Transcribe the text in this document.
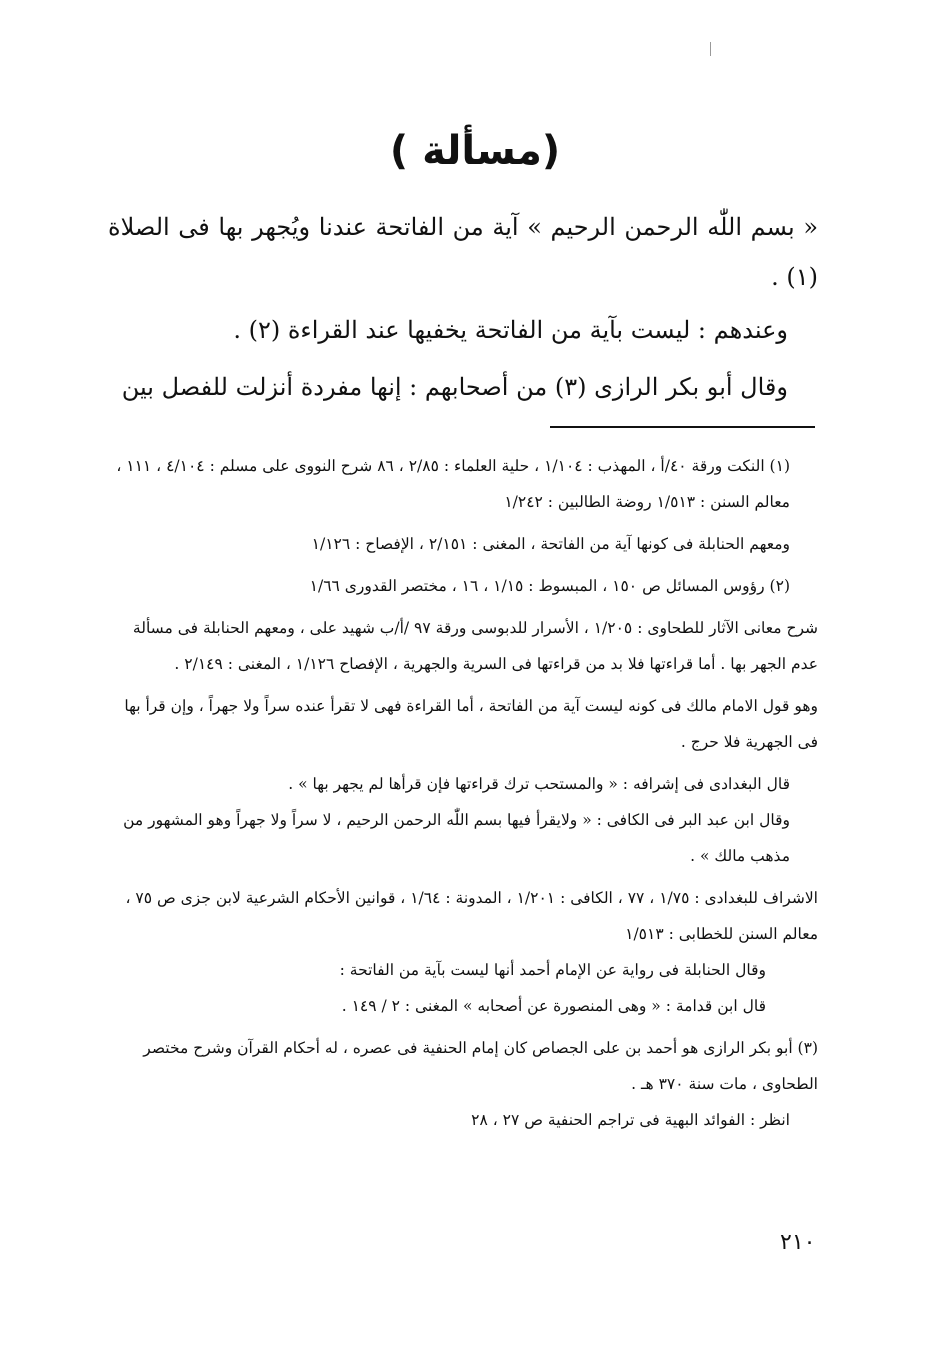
(مسألة )
« بسم اللّٰه الرحمن الرحيم » آية من الفاتحة عندنا ويُجهر بها فى الصلاة (١) .
وعندهم : ليست بآية من الفاتحة يخفيها عند القراءة (٢) .
وقال أبو بكر الرازى (٣) من أصحابهم : إنها مفردة أنزلت للفصل بين

(١) النكت ورقة ٤٠/أ ، المهذب : ١/١٠٤ ، حلية العلماء : ٢/٨٥ ، ٨٦ شرح النووى على مسلم : ٤/١٠٤ ، ١١١ ، معالم السنن : ١/٥١٣ روضة الطالبين : ١/٢٤٢

ومعهم الحنابلة فى كونها آية من الفاتحة ، المغنى : ٢/١٥١ ، الإفصاح : ١/١٢٦

(٢) رؤوس المسائل ص ١٥٠ ، المبسوط : ١/١٥ ، ١٦ ، مختصر القدورى ١/٦٦

شرح معانى الآثار للطحاوى : ١/٢٠٥ ، الأسرار للدبوسى ورقة ٩٧ /أ/ب شهيد على ، ومعهم الحنابلة فى مسألة عدم الجهر بها . أما قراءتها فلا بد من قراءتها فى السرية والجهرية ، الإفصاح ١/١٢٦ ، المغنى : ٢/١٤٩ .

وهو قول الامام مالك فى كونه ليست آية من الفاتحة ، أما القراءة فهى لا تقرأ عنده سراً ولا جهراً ، وإن قرأ بها فى الجهرية فلا حرج .

قال البغدادى فى إشرافه : « والمستحب ترك قراءتها فإن قرأها لم يجهر بها » .

وقال ابن عبد البر فى الكافى : « ولايقرأ فيها بسم اللّٰه الرحمن الرحيم ، لا سراً ولا جهراً وهو المشهور من مذهب مالك » .

الاشراف للبغدادى : ١/٧٥ ، ٧٧ ، الكافى : ١/٢٠١ ، المدونة : ١/٦٤ ، قوانين الأحكام الشرعية لابن جزى ص ٧٥ ، معالم السنن للخطابى : ١/٥١٣

وقال الحنابلة فى رواية عن الإمام أحمد أنها ليست بآية من الفاتحة :

قال ابن قدامة : « وهى المنصورة عن أصحابه » المغنى : ٢ / ١٤٩ .

(٣) أبو بكر الرازى هو أحمد بن على الجصاص كان إمام الحنفية فى عصره ، له أحكام القرآن وشرح مختصر الطحاوى ، مات سنة ٣٧٠ هـ .

انظر : الفوائد البهية فى تراجم الحنفية ص ٢٧ ، ٢٨

٢١٠
